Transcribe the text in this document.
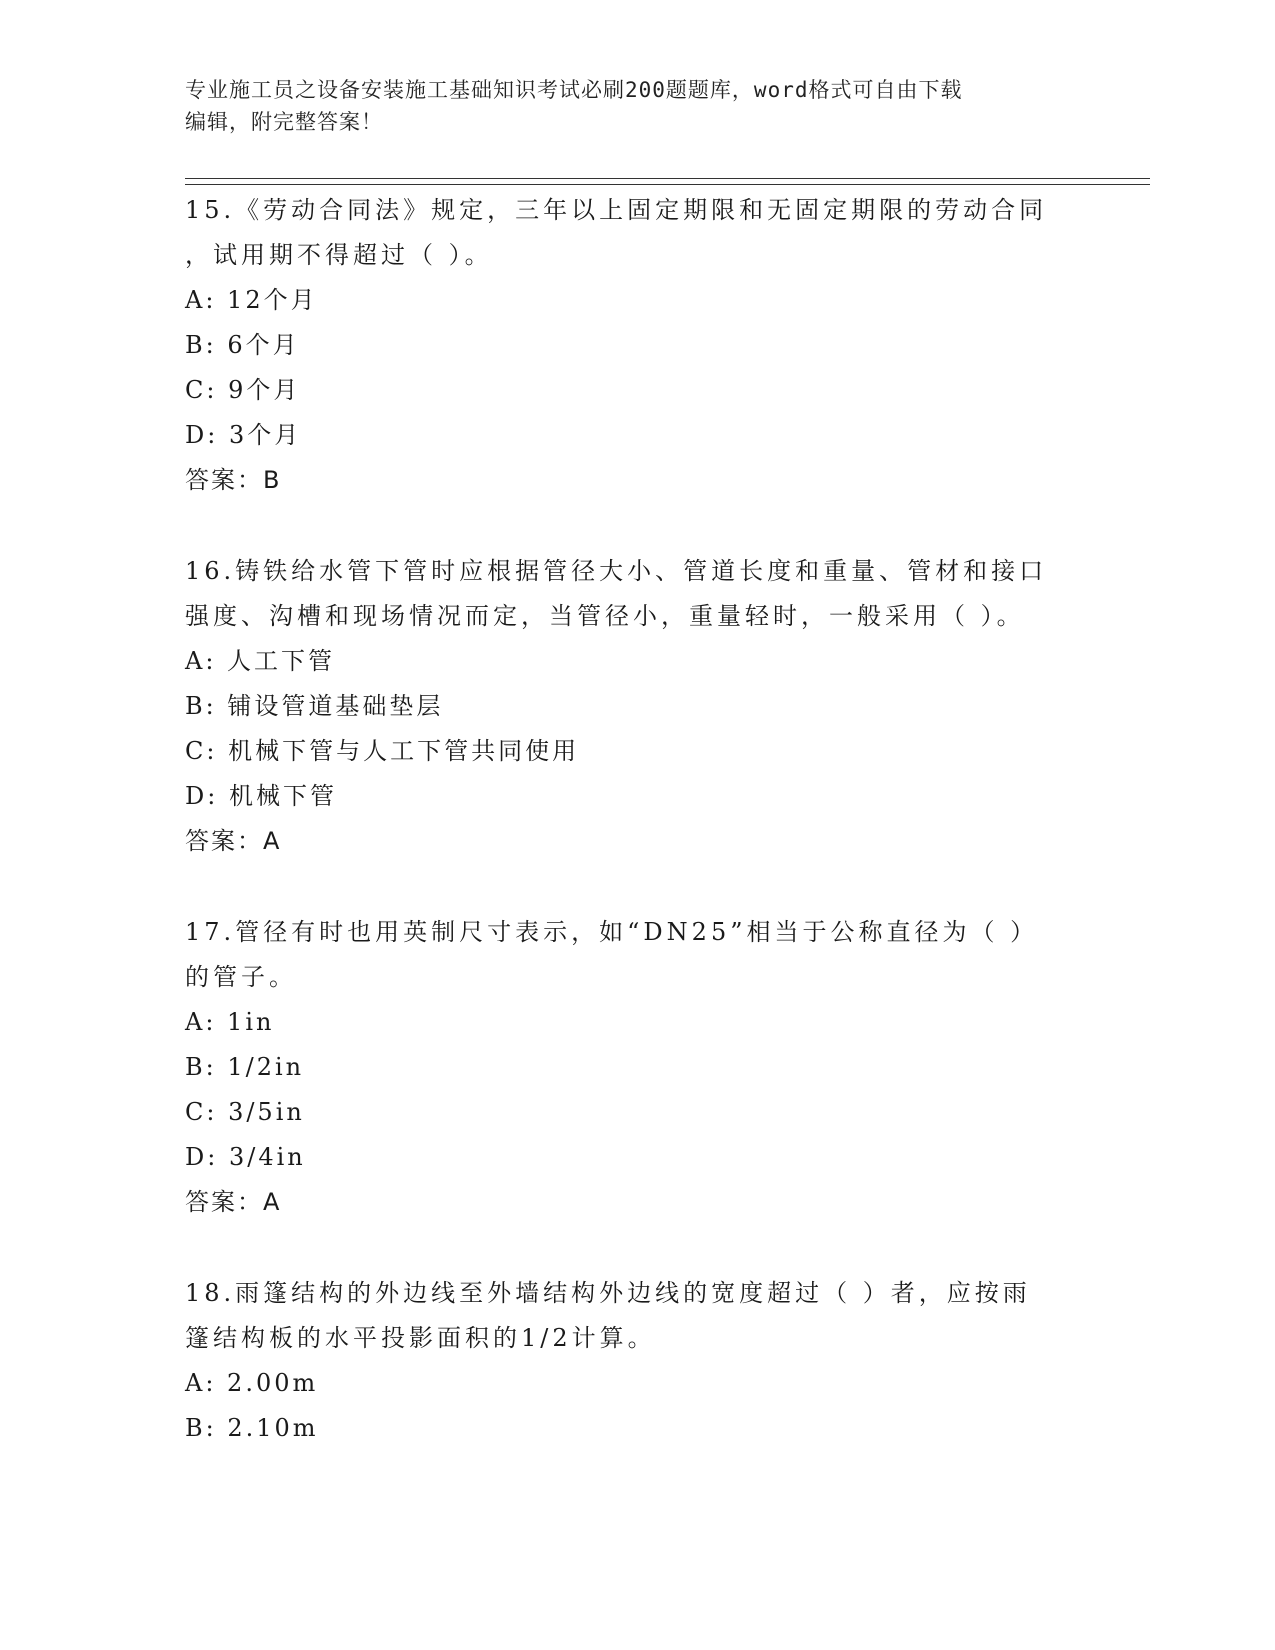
专业施工员之设备安装施工基础知识考试必刷200题题库，word格式可自由下载
编辑，附完整答案！

15.《劳动合同法》规定，三年以上固定期限和无固定期限的劳动合同
，试用期不得超过（ ）。

A: 12个月

B: 6个月

C: 9个月

D: 3个月

答案：B

16.铸铁给水管下管时应根据管径大小、管道长度和重量、管材和接口
强度、沟槽和现场情况而定，当管径小，重量轻时，一般采用（ ）。

A: 人工下管

B: 铺设管道基础垫层

C: 机械下管与人工下管共同使用

D: 机械下管

答案：A

17.管径有时也用英制尺寸表示，如“DN25”相当于公称直径为（ ）
的管子。

A: 1in

B: 1/2in

C: 3/5in

D: 3/4in

答案：A

18.雨篷结构的外边线至外墙结构外边线的宽度超过（ ）者，应按雨
篷结构板的水平投影面积的1/2计算。

A: 2.00m

B: 2.10m
